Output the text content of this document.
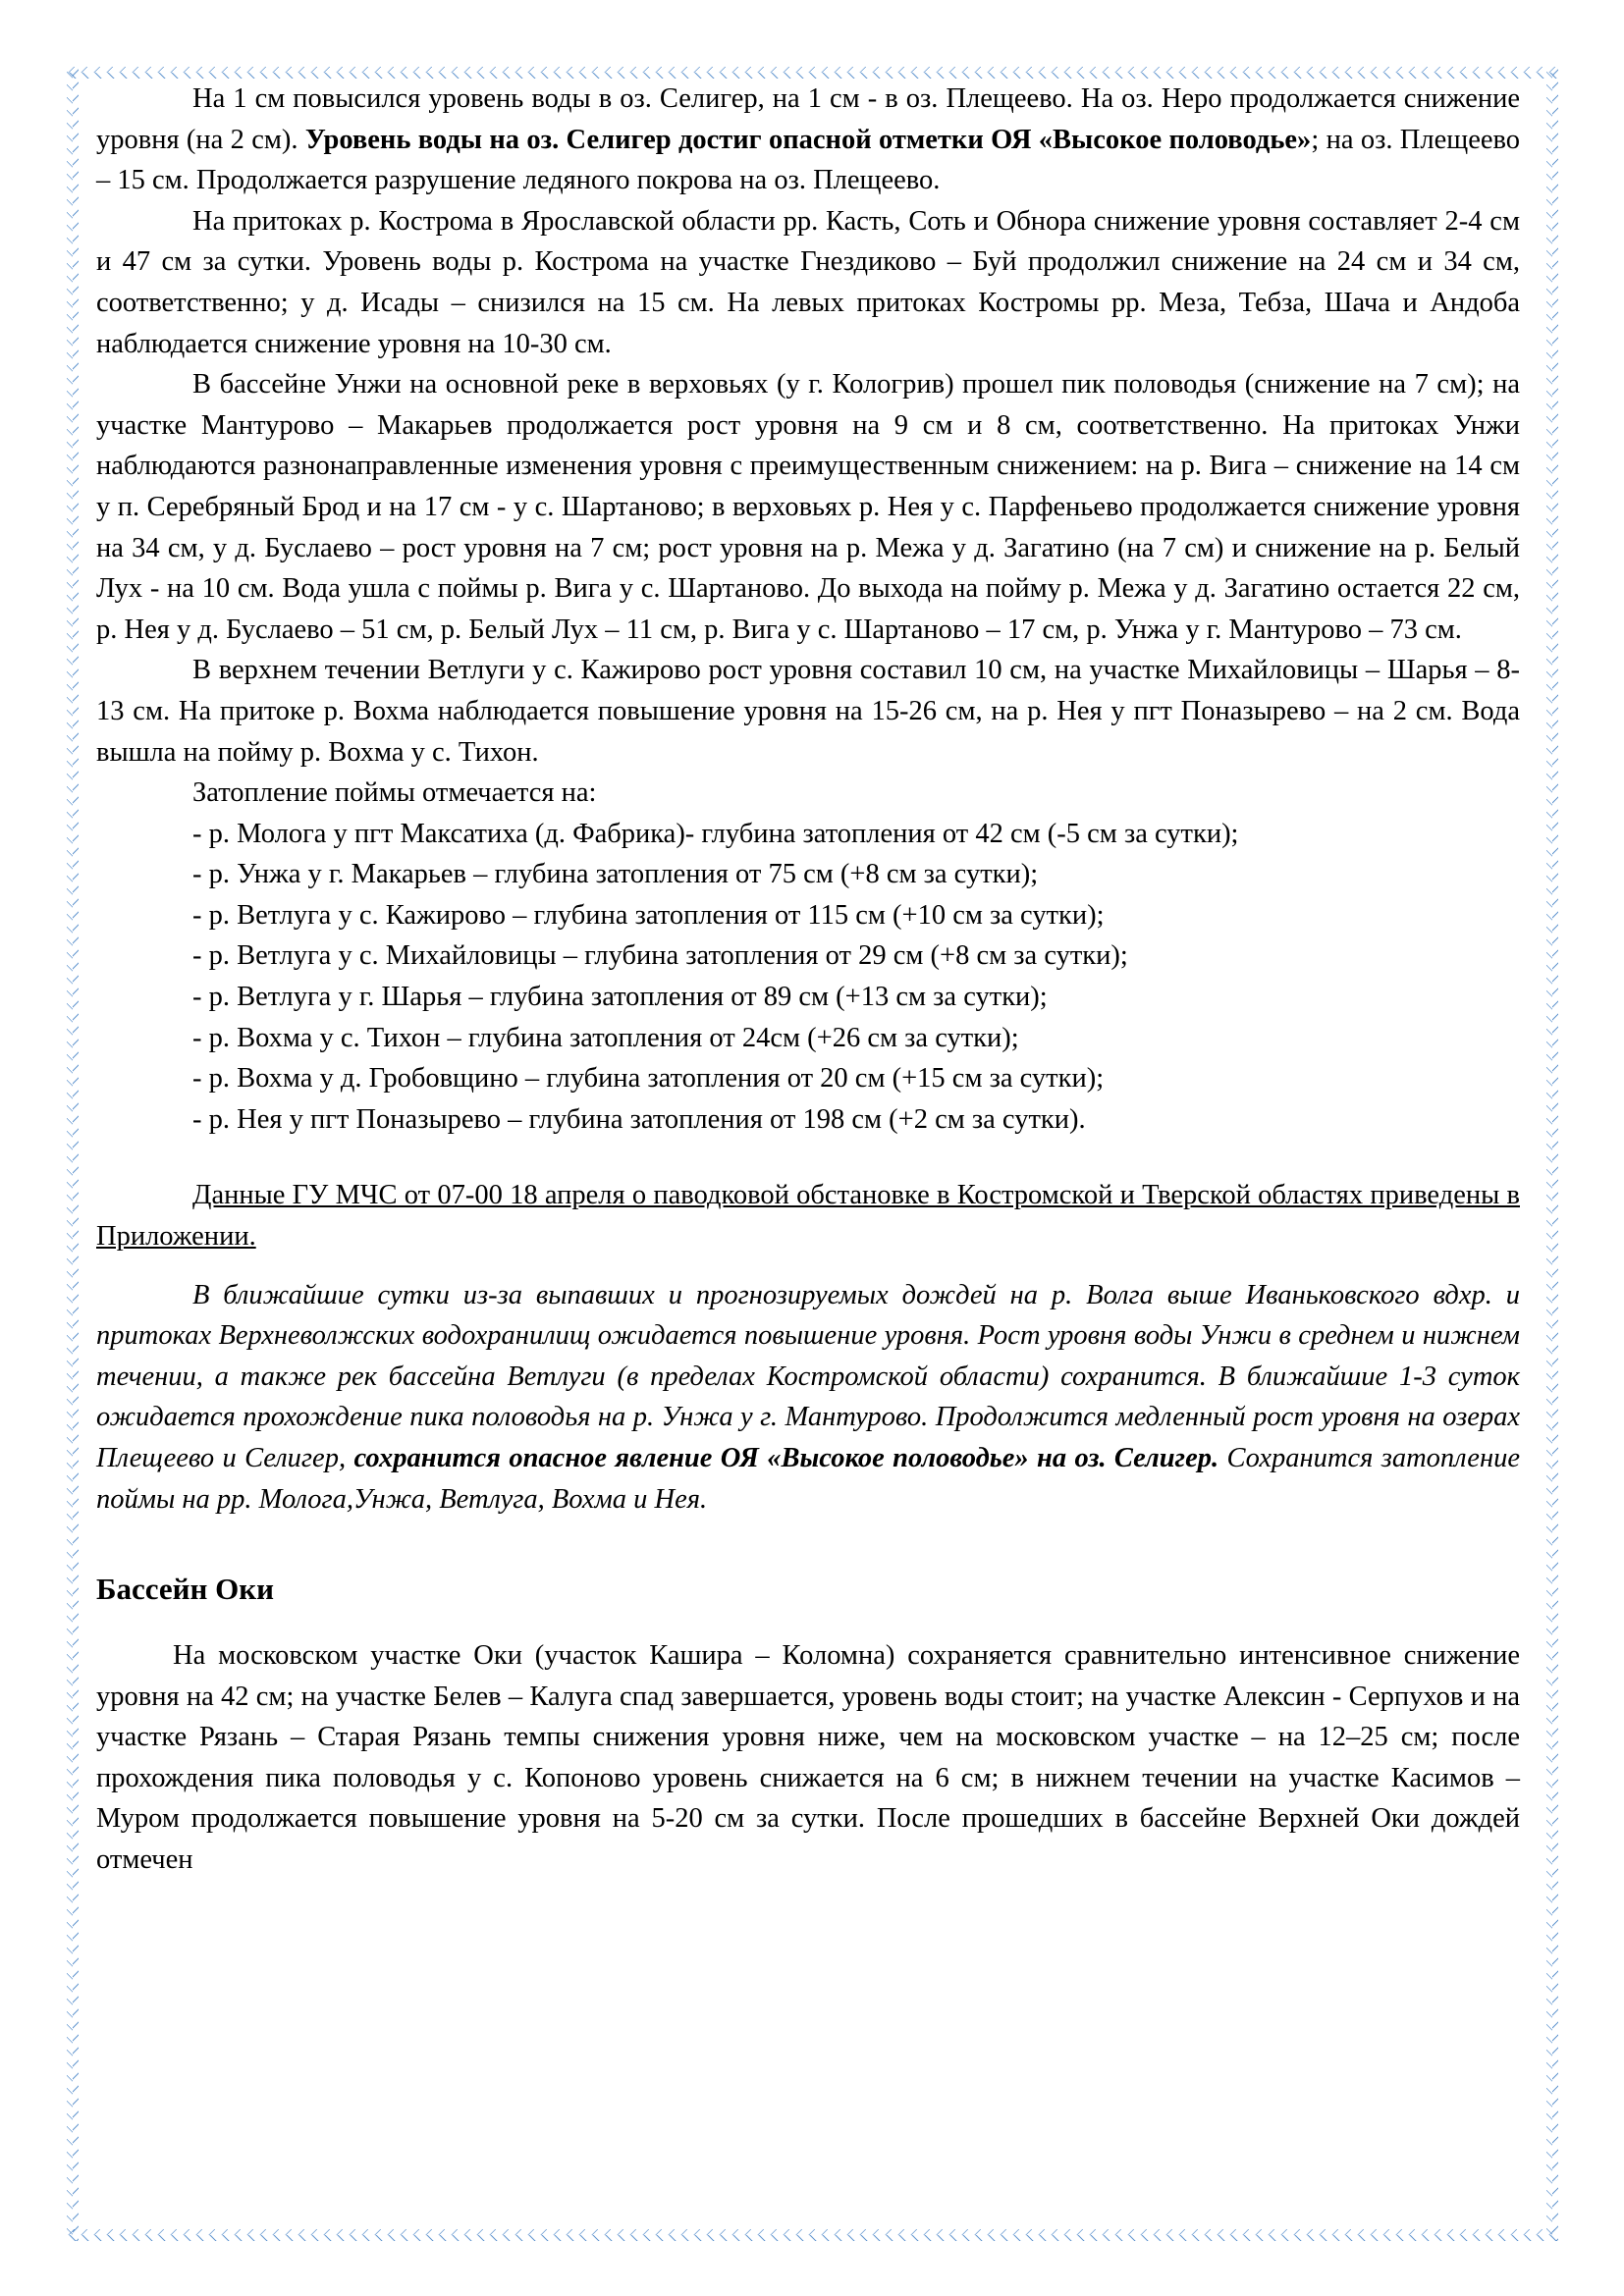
На 1 см повысился уровень воды в оз. Селигер, на 1 см - в оз. Плещеево. На оз. Неро продолжается снижение уровня (на 2 см). Уровень воды на оз. Селигер достиг опасной отметки ОЯ «Высокое половодье»; на оз. Плещеево – 15 см. Продолжается разрушение ледяного покрова на оз. Плещеево.

На притоках р. Кострома в Ярославской области рр. Касть, Соть и Обнора снижение уровня составляет 2-4 см и 47 см за сутки. Уровень воды р. Кострома на участке Гнездиково – Буй продолжил снижение на 24 см и 34 см, соответственно; у д. Исады – снизился на 15 см. На левых притоках Костромы рр. Меза, Тебза, Шача и Андоба наблюдается снижение уровня на 10-30 см.

В бассейне Унжи на основной реке в верховьях (у г. Кологрив) прошел пик половодья (снижение на 7 см); на участке Мантурово – Макарьев продолжается рост уровня на 9 см и 8 см, соответственно. На притоках Унжи наблюдаются разнонаправленные изменения уровня с преимущественным снижением: на р. Вига – снижение на 14 см у п. Серебряный Брод и на 17 см - у с. Шартаново; в верховьях р. Нея у с. Парфеньево продолжается снижение уровня на 34 см, у д. Буслаево – рост уровня на 7 см; рост уровня на р. Межа у д. Загатино (на 7 см) и снижение на р. Белый Лух - на 10 см. Вода ушла с поймы р. Вига у с. Шартаново. До выхода на пойму р. Межа у д. Загатино остается 22 см, р. Нея у д. Буслаево – 51 см, р. Белый Лух – 11 см, р. Вига у с. Шартаново – 17 см, р. Унжа у г. Мантурово – 73 см.

В верхнем течении Ветлуги у с. Кажирово рост уровня составил 10 см, на участке Михайловицы – Шарья – 8-13 см. На притоке р. Вохма наблюдается повышение уровня на 15-26 см, на р. Нея у пгт Поназырево – на 2 см. Вода вышла на пойму р. Вохма у с. Тихон.

Затопление поймы отмечается на:

- р. Молога у пгт Максатиха (д. Фабрика)- глубина затопления от 42 см (-5 см за сутки);

- р. Унжа у г. Макарьев – глубина затопления от 75 см (+8 см за сутки);

- р. Ветлуга у с. Кажирово – глубина затопления от 115 см (+10 см за сутки);

- р. Ветлуга у с. Михайловицы – глубина затопления от 29 см (+8 см за сутки);

- р. Ветлуга у г. Шарья – глубина затопления от 89 см (+13 см за сутки);

- р. Вохма у с. Тихон – глубина затопления от 24см (+26 см за сутки);

- р. Вохма у д. Гробовщино – глубина затопления от 20 см (+15 см за сутки);

- р. Нея у пгт Поназырево – глубина затопления от 198 см (+2 см за сутки).

Данные ГУ МЧС от 07-00 18 апреля о паводковой обстановке в Костромской и Тверской областях приведены в Приложении.

В ближайшие сутки из-за выпавших и прогнозируемых дождей на р. Волга выше Иваньковского вдхр. и притоках Верхневолжских водохранилищ ожидается повышение уровня. Рост уровня воды Унжи в среднем и нижнем течении, а также рек бассейна Ветлуги (в пределах Костромской области) сохранится. В ближайшие 1-3 суток ожидается прохождение пика половодья на р. Унжа у г. Мантурово. Продолжится медленный рост уровня на озерах Плещеево и Селигер, сохранится опасное явление ОЯ «Высокое половодье» на оз. Селигер. Сохранится затопление поймы на рр. Молога,Унжа, Ветлуга, Вохма и Нея.

Бассейн Оки

На московском участке Оки (участок Кашира – Коломна) сохраняется сравнительно интенсивное снижение уровня на 42 см; на участке Белев – Калуга спад завершается, уровень воды стоит; на участке Алексин - Серпухов и на участке Рязань – Старая Рязань темпы снижения уровня ниже, чем на московском участке – на 12–25 см; после прохождения пика половодья у с. Копоново уровень снижается на 6 см; в нижнем течении на участке Касимов – Муром продолжается повышение уровня на 5-20 см за сутки. После прошедших в бассейне Верхней Оки дождей отмечен
